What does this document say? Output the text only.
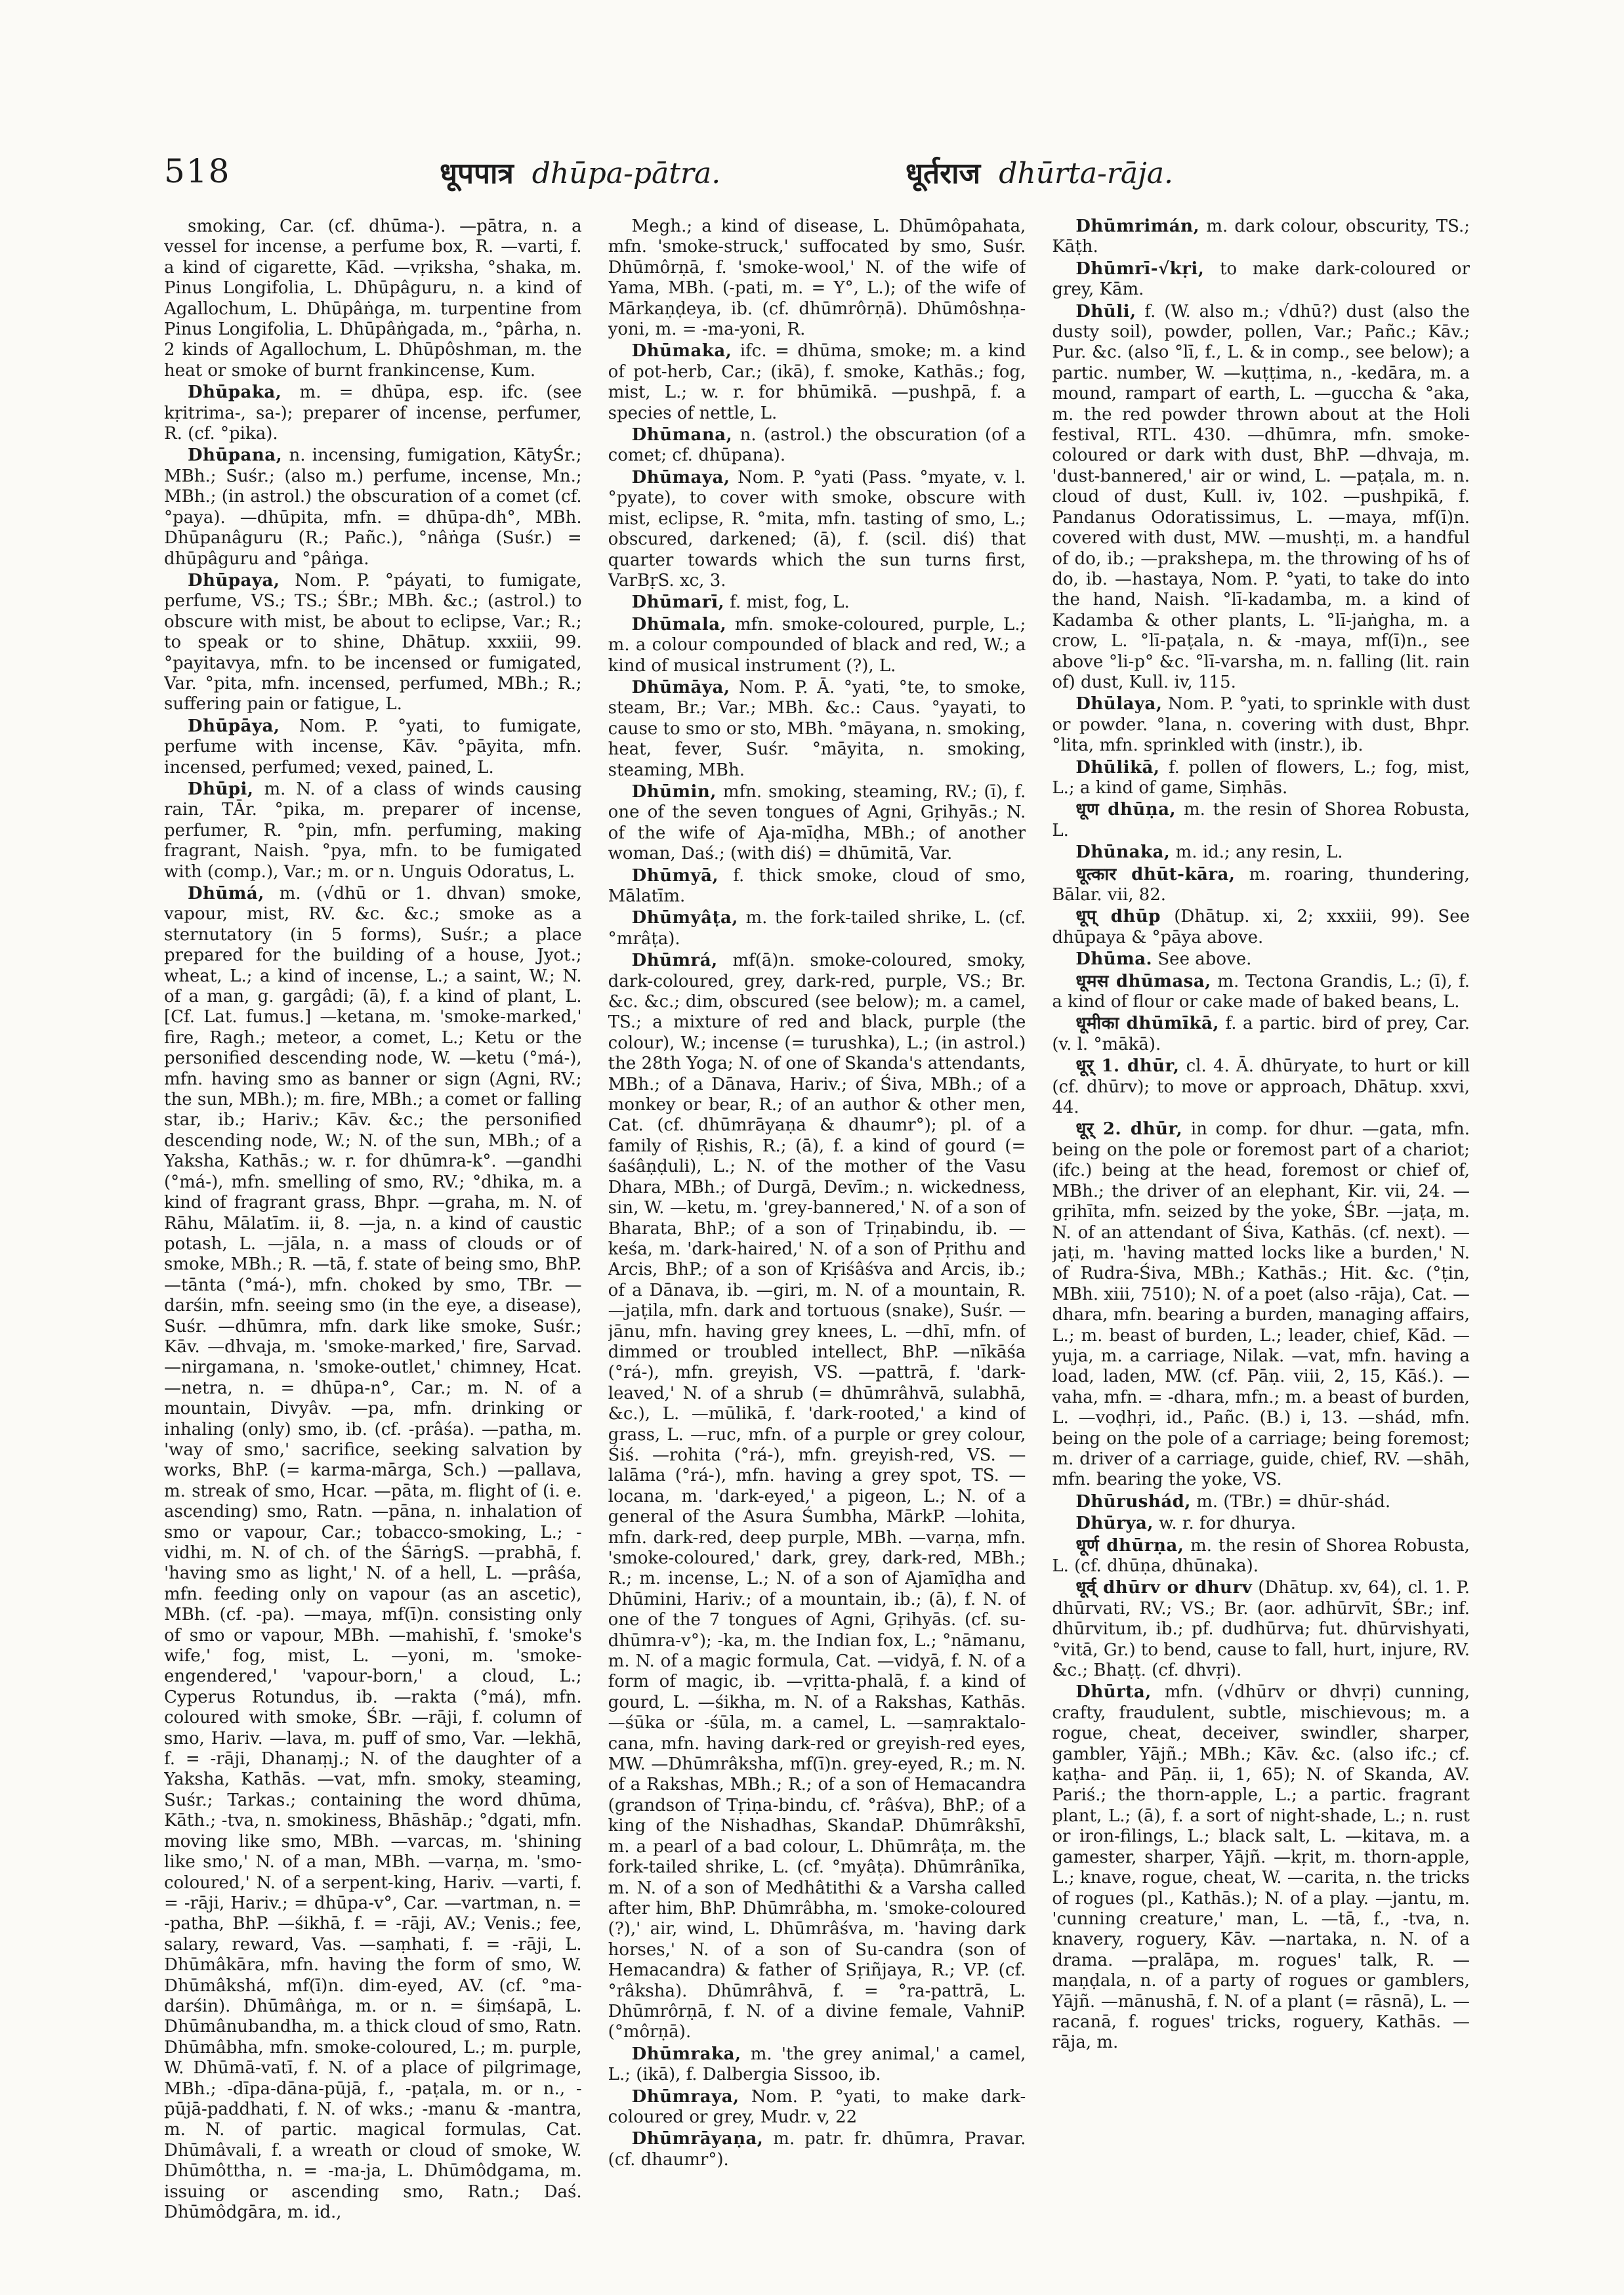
518	धूपपात्र dhūpa-pātra.	धूर्तराज dhūrta-rāja.

smoking, Car. (cf. dhūma-). —pātra, n. a vessel for incense, a perfume box, R. —varti, f. a kind of cigarette, Kād. —vṛiksha, °shaka, m. Pinus Longifolia, L. Dhūpâguru, n. a kind of Agallochum, L. Dhūpâṅga, m. turpentine from Pinus Longifolia, L. Dhūpâṅgada, m., °pârha, n. 2 kinds of Agallochum, L. Dhūpôshman, m. the heat or smoke of burnt frankincense, Kum.

Dhūpaka, m. = dhūpa, esp. ifc. (see kṛitrima-, sa-); preparer of incense, perfumer, R. (cf. °pika).

Dhūpana, n. incensing, fumigation, KātyŚr.; MBh.; Suśr.; (also m.) perfume, incense, Mn.; MBh.; (in astrol.) the obscuration of a comet (cf. °paya). —dhūpita, mfn. = dhūpa-dh°, MBh. Dhūpanâguru (R.; Pañc.), °nâṅga (Suśr.) = dhūpâguru and °pâṅga.

Dhūpaya, Nom. P. °páyati, to fumigate, perfume, VS.; TS.; ŚBr.; MBh. &c.; (astrol.) to obscure with mist, be about to eclipse, Var.; R.; to speak or to shine, Dhātup. xxxiii, 99. °payitavya, mfn. to be incensed or fumigated, Var. °pita, mfn. incensed, perfumed, MBh.; R.; suffering pain or fatigue, L.

Dhūpāya, Nom. P. °yati, to fumigate, perfume with incense, Kāv. °pāyita, mfn. incensed, perfumed; vexed, pained, L.

Dhūpi, m. N. of a class of winds causing rain, TĀr. °pika, m. preparer of incense, perfumer, R. °pin, mfn. perfuming, making fragrant, Naish. °pya, mfn. to be fumigated with (comp.), Var.; m. or n. Unguis Odoratus, L.

Dhūmá, m. (√dhū or 1. dhvan) smoke, vapour, mist, RV. &c. &c.; smoke as a sternutatory (in 5 forms), Suśr.; a place prepared for the building of a house, Jyot.; wheat, L.; a kind of incense, L.; a saint, W.; N. of a man, g. gargâdi; (ā), f. a kind of plant, L. [Cf. Lat. fumus.] —ketana, m. 'smoke-marked,' fire, Ragh.; meteor, a comet, L.; Ketu or the personified descending node, W. —ketu (°má-), mfn. having smo as banner or sign (Agni, RV.; the sun, MBh.); m. fire, MBh.; a comet or falling star, ib.; Hariv.; Kāv. &c.; the personified descending node, W.; N. of the sun, MBh.; of a Yaksha, Kathās.; w. r. for dhūmra-k°. —gandhi (°má-), mfn. smelling of smo, RV.; °dhika, m. a kind of fragrant grass, Bhpr. —graha, m. N. of Rāhu, Mālatīm. ii, 8. —ja, n. a kind of caustic potash, L. —jāla, n. a mass of clouds or of smoke, MBh.; R. —tā, f. state of being smo, BhP. —tānta (°má-), mfn. choked by smo, TBr. —darśin, mfn. seeing smo (in the eye, a disease), Suśr. —dhūmra, mfn. dark like smoke, Suśr.; Kāv. —dhvaja, m. 'smoke-marked,' fire, Sarvad. —nirgamana, n. 'smoke-outlet,' chimney, Hcat. —netra, n. = dhūpa-n°, Car.; m. N. of a mountain, Divyâv. —pa, mfn. drinking or inhaling (only) smo, ib. (cf. -prâśa). —patha, m. 'way of smo,' sacrifice, seeking salvation by works, BhP. (= karma-mārga, Sch.) —pallava, m. streak of smo, Hcar. —pāta, m. flight of (i. e. ascending) smo, Ratn. —pāna, n. inhalation of smo or vapour, Car.; tobacco-smoking, L.; -vidhi, m. N. of ch. of the ŚārṅgS. —prabhā, f. 'having smo as light,' N. of a hell, L. —prâśa, mfn. feeding only on vapour (as an ascetic), MBh. (cf. -pa). —maya, mf(ī)n. consisting only of smo or vapour, MBh. —mahishī, f. 'smoke's wife,' fog, mist, L. —yoni, m. 'smoke-engendered,' 'vapour-born,' a cloud, L.; Cyperus Rotundus, ib. —rakta (°má), mfn. coloured with smoke, ŚBr. —rāji, f. column of smo, Hariv. —lava, m. puff of smo, Var. —lekhā, f. = -rāji, Dhanaṃj.; N. of the daughter of a Yaksha, Kathās. —vat, mfn. smoky, steaming, Suśr.; Tarkas.; containing the word dhūma, Kāth.; -tva, n. smokiness, Bhāshāp.; °dgati, mfn. moving like smo, MBh. —varcas, m. 'shining like smo,' N. of a man, MBh. —varṇa, m. 'smo-coloured,' N. of a serpent-king, Hariv. —varti, f. = -rāji, Hariv.; = dhūpa-v°, Car. —vartman, n. = -patha, BhP. —śikhā, f. = -rāji, AV.; Venis.; fee, salary, reward, Vas. —saṃhati, f. = -rāji, L. Dhūmâkāra, mfn. having the form of smo, W. Dhūmâkshá, mf(ī)n. dim-eyed, AV. (cf. °ma-darśin). Dhūmâṅga, m. or n. = śiṃśapā, L. Dhūmânubandha, m. a thick cloud of smo, Ratn. Dhūmâbha, mfn. smoke-coloured, L.; m. purple, W. Dhūmā-vatī, f. N. of a place of pilgrimage, MBh.; -dīpa-dāna-pūjā, f., -paṭala, m. or n., -pūjā-paddhati, f. N. of wks.; -manu & -mantra, m. N. of partic. magical formulas, Cat. Dhūmâvali, f. a wreath or cloud of smoke, W. Dhūmôttha, n. = -ma-ja, L. Dhūmôdgama, m. issuing or ascending smo, Ratn.; Daś. Dhūmôdgāra, m. id.,

Megh.; a kind of disease, L. Dhūmôpahata, mfn. 'smoke-struck,' suffocated by smo, Suśr. Dhūmôrṇā, f. 'smoke-wool,' N. of the wife of Yama, MBh. (-pati, m. = Y°, L.); of the wife of Mārkaṇḍeya, ib. (cf. dhūmrôrṇā). Dhūmôshṇa-yoni, m. = -ma-yoni, R.

Dhūmaka, ifc. = dhūma, smoke; m. a kind of pot-herb, Car.; (ikā), f. smoke, Kathās.; fog, mist, L.; w. r. for bhūmikā. —pushpā, f. a species of nettle, L.

Dhūmana, n. (astrol.) the obscuration (of a comet; cf. dhūpana).

Dhūmaya, Nom. P. °yati (Pass. °myate, v. l. °pyate), to cover with smoke, obscure with mist, eclipse, R. °mita, mfn. tasting of smo, L.; obscured, darkened; (ā), f. (scil. diś) that quarter towards which the sun turns first, VarBṛS. xc, 3.

Dhūmarī, f. mist, fog, L.

Dhūmala, mfn. smoke-coloured, purple, L.; m. a colour compounded of black and red, W.; a kind of musical instrument (?), L.

Dhūmāya, Nom. P. Ā. °yati, °te, to smoke, steam, Br.; Var.; MBh. &c.: Caus. °yayati, to cause to smo or sto, MBh. °māyana, n. smoking, heat, fever, Suśr. °māyita, n. smoking, steaming, MBh.

Dhūmin, mfn. smoking, steaming, RV.; (ī), f. one of the seven tongues of Agni, Gṛihyās.; N. of the wife of Aja-mīḍha, MBh.; of another woman, Daś.; (with diś) = dhūmitā, Var.

Dhūmyā, f. thick smoke, cloud of smo, Mālatīm.

Dhūmyâṭa, m. the fork-tailed shrike, L. (cf. °mrâṭa).

Dhūmrá, mf(ā)n. smoke-coloured, smoky, dark-coloured, grey, dark-red, purple, VS.; Br. &c. &c.; dim, obscured (see below); m. a camel, TS.; a mixture of red and black, purple (the colour), W.; incense (= turushka), L.; (in astrol.) the 28th Yoga; N. of one of Skanda's attendants, MBh.; of a Dānava, Hariv.; of Śiva, MBh.; of a monkey or bear, R.; of an author & other men, Cat. (cf. dhūmrāyaṇa & dhaumr°); pl. of a family of Ṛishis, R.; (ā), f. a kind of gourd (= śaśâṇḍuli), L.; N. of the mother of the Vasu Dhara, MBh.; of Durgā, Devīm.; n. wickedness, sin, W. —ketu, m. 'grey-bannered,' N. of a son of Bharata, BhP.; of a son of Tṛiṇabindu, ib. —keśa, m. 'dark-haired,' N. of a son of Pṛithu and Arcis, BhP.; of a son of Kṛiśâśva and Arcis, ib.; of a Dānava, ib. —giri, m. N. of a mountain, R. —jaṭila, mfn. dark and tortuous (snake), Suśr. —jānu, mfn. having grey knees, L. —dhī, mfn. of dimmed or troubled intellect, BhP. —nīkāśa (°rá-), mfn. greyish, VS. —pattrā, f. 'dark-leaved,' N. of a shrub (= dhūmrâhvā, sulabhā, &c.), L. —mūlikā, f. 'dark-rooted,' a kind of grass, L. —ruc, mfn. of a purple or grey colour, Śiś. —rohita (°rá-), mfn. greyish-red, VS. —lalāma (°rá-), mfn. having a grey spot, TS. —locana, m. 'dark-eyed,' a pigeon, L.; N. of a general of the Asura Śumbha, MārkP. —lohita, mfn. dark-red, deep purple, MBh. —varṇa, mfn. 'smoke-coloured,' dark, grey, dark-red, MBh.; R.; m. incense, L.; N. of a son of Ajamīḍha and Dhūmini, Hariv.; of a mountain, ib.; (ā), f. N. of one of the 7 tongues of Agni, Gṛihyās. (cf. su-dhūmra-v°); -ka, m. the Indian fox, L.; °nāmanu, m. N. of a magic formula, Cat. —vidyā, f. N. of a form of magic, ib. —vṛitta-phalā, f. a kind of gourd, L. —śikha, m. N. of a Rakshas, Kathās. —śūka or -śūla, m. a camel, L. —saṃraktalo-cana, mfn. having dark-red or greyish-red eyes, MW. —Dhūmrâksha, mf(ī)n. grey-eyed, R.; m. N. of a Rakshas, MBh.; R.; of a son of Hemacandra (grandson of Tṛiṇa-bindu, cf. °râśva), BhP.; of a king of the Nishadhas, SkandaP. Dhūmrâkshī, m. a pearl of a bad colour, L. Dhūmrâṭa, m. the fork-tailed shrike, L. (cf. °myâṭa). Dhūmrânīka, m. N. of a son of Medhâtithi & a Varsha called after him, BhP. Dhūmrâbha, m. 'smoke-coloured (?),' air, wind, L. Dhūmrâśva, m. 'having dark horses,' N. of a son of Su-candra (son of Hemacandra) & father of Sṛiñjaya, R.; VP. (cf. °râksha). Dhūmrâhvā, f. = °ra-pattrā, L. Dhūmrôrṇā, f. N. of a divine female, VahniP. (°môrṇā).

Dhūmraka, m. 'the grey animal,' a camel, L.; (ikā), f. Dalbergia Sissoo, ib.

Dhūmraya, Nom. P. °yati, to make dark-coloured or grey, Mudr. v, 22

Dhūmrāyaṇa, m. patr. fr. dhūmra, Pravar. (cf. dhaumr°).

Dhūmrimán, m. dark colour, obscurity, TS.; Kāṭh.

Dhūmrī-√kṛi, to make dark-coloured or grey, Kām.

Dhūli, f. (W. also m.; √dhū?) dust (also the dusty soil), powder, pollen, Var.; Pañc.; Kāv.; Pur. &c. (also °lī, f., L. & in comp., see below); a partic. number, W. —kuṭṭima, n., -kedāra, m. a mound, rampart of earth, L. —guccha & °aka, m. the red powder thrown about at the Holi festival, RTL. 430. —dhūmra, mfn. smoke-coloured or dark with dust, BhP. —dhvaja, m. 'dust-bannered,' air or wind, L. —paṭala, m. n. cloud of dust, Kull. iv, 102. —pushpikā, f. Pandanus Odoratissimus, L. —maya, mf(ī)n. covered with dust, MW. —mushṭi, m. a handful of do, ib.; —prakshepa, m. the throwing of hs of do, ib. —hastaya, Nom. P. °yati, to take do into the hand, Naish. °lī-kadamba, m. a kind of Kadamba & other plants, L. °lī-jaṅgha, m. a crow, L. °lī-paṭala, n. & -maya, mf(ī)n., see above °li-p° &c. °lī-varsha, m. n. falling (lit. rain of) dust, Kull. iv, 115.

Dhūlaya, Nom. P. °yati, to sprinkle with dust or powder. °lana, n. covering with dust, Bhpr. °lita, mfn. sprinkled with (instr.), ib.

Dhūlikā, f. pollen of flowers, L.; fog, mist, L.; a kind of game, Siṃhās.

धूण dhūṇa, m. the resin of Shorea Robusta, L.

Dhūnaka, m. id.; any resin, L.

धूत्कार dhūt-kāra, m. roaring, thundering, Bālar. vii, 82.

धूप् dhūp (Dhātup. xi, 2; xxxiii, 99). See dhūpaya & °pāya above.

Dhūma. See above.

धूमस dhūmasa, m. Tectona Grandis, L.; (ī), f. a kind of flour or cake made of baked beans, L.

धूमीका dhūmīkā, f. a partic. bird of prey, Car. (v. l. °mākā).

धूर् 1. dhūr, cl. 4. Ā. dhūryate, to hurt or kill (cf. dhūrv); to move or approach, Dhātup. xxvi, 44.

धूर् 2. dhūr, in comp. for dhur. —gata, mfn. being on the pole or foremost part of a chariot; (ifc.) being at the head, foremost or chief of, MBh.; the driver of an elephant, Kir. vii, 24. —gṛihīta, mfn. seized by the yoke, ŚBr. —jaṭa, m. N. of an attendant of Śiva, Kathās. (cf. next). —jaṭi, m. 'having matted locks like a burden,' N. of Rudra-Śiva, MBh.; Kathās.; Hit. &c. (°ṭin, MBh. xiii, 7510); N. of a poet (also -rāja), Cat. —dhara, mfn. bearing a burden, managing affairs, L.; m. beast of burden, L.; leader, chief, Kād. —yuja, m. a carriage, Nilak. —vat, mfn. having a load, laden, MW. (cf. Pāṇ. viii, 2, 15, Kāś.). —vaha, mfn. = -dhara, mfn.; m. a beast of burden, L. —voḍhṛi, id., Pañc. (B.) i, 13. —shád, mfn. being on the pole of a carriage; being foremost; m. driver of a carriage, guide, chief, RV. —shāh, mfn. bearing the yoke, VS.

Dhūrushád, m. (TBr.) = dhūr-shád.

Dhūrya, w. r. for dhurya.

धूर्ण dhūrṇa, m. the resin of Shorea Robusta, L. (cf. dhūṇa, dhūnaka).

धूर्व् dhūrv or dhurv (Dhātup. xv, 64), cl. 1. P. dhūrvati, RV.; VS.; Br. (aor. adhūrvīt, ŚBr.; inf. dhūrvitum, ib.; pf. dudhūrva; fut. dhūrvishyati, °vitā, Gr.) to bend, cause to fall, hurt, injure, RV. &c.; Bhaṭṭ. (cf. dhvṛi).

Dhūrta, mfn. (√dhūrv or dhvṛi) cunning, crafty, fraudulent, subtle, mischievous; m. a rogue, cheat, deceiver, swindler, sharper, gambler, Yājñ.; MBh.; Kāv. &c. (also ifc.; cf. kaṭha- and Pāṇ. ii, 1, 65); N. of Skanda, AV. Pariś.; the thorn-apple, L.; a partic. fragrant plant, L.; (ā), f. a sort of night-shade, L.; n. rust or iron-filings, L.; black salt, L. —kitava, m. a gamester, sharper, Yājñ. —kṛit, m. thorn-apple, L.; knave, rogue, cheat, W. —carita, n. the tricks of rogues (pl., Kathās.); N. of a play. —jantu, m. 'cunning creature,' man, L. —tā, f., -tva, n. knavery, roguery, Kāv. —nartaka, n. N. of a drama. —pralāpa, m. rogues' talk, R. —maṇḍala, n. of a party of rogues or gamblers, Yājñ. —mānushā, f. N. of a plant (= rāsnā), L. —racanā, f. rogues' tricks, roguery, Kathās. —rāja, m.
